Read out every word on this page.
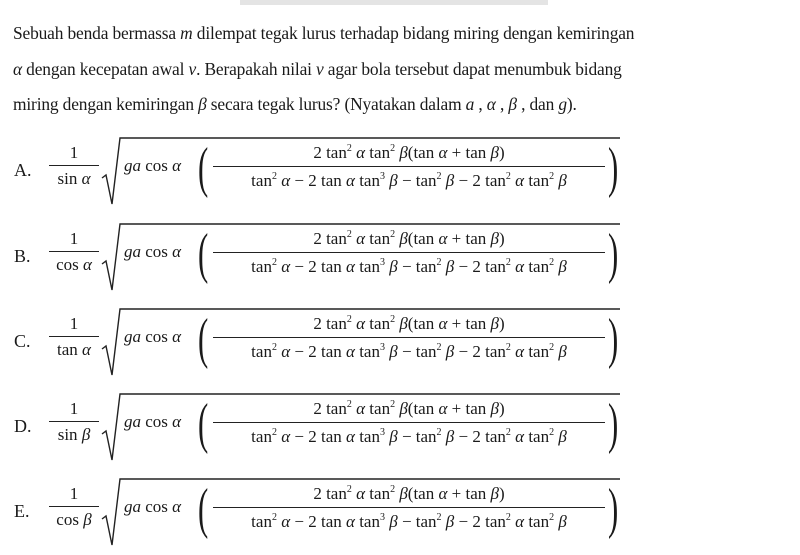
Sebuah benda bermassa m dilempat tegak lurus terhadap bidang miring dengan kemiringan
α dengan kecepatan awal v. Berapakah nilai v agar bola tersebut dapat menumbuk bidang
miring dengan kemiringan β secara tegak lurus? (Nyatakan dalam a , α , β , dan g).
A.
1
sin α
ga cos α (	2 $\tan^2 \alpha$ $\tan^2 \beta(\tan$ α + tan β)
$\tan^2 \alpha - 2$ tan α $\tan^3 \beta - \tan^2 \beta - 2$ $\tan^2 \alpha$ $\tan^2 \beta$ )
B.
1
cos α
ga cos α (	2 $\tan^2 \alpha$ $\tan^2 \beta(\tan$ α + tan β)
$\tan^2 \alpha - 2$ tan α $\tan^3 \beta - \tan^2 \beta - 2$ $\tan^2 \alpha$ $\tan^2 \beta$ )
C.
1
tan α
ga cos α (	2 $\tan^2 \alpha$ $\tan^2 \beta(\tan$ α + tan β)
$\tan^2 \alpha - 2$ tan α $\tan^3 \beta - \tan^2 \beta - 2$ $\tan^2 \alpha$ $\tan^2 \beta$ )
D.
1
sin β
ga cos α (	2 $\tan^2 \alpha$ $\tan^2 \beta(\tan$ α + tan β)
$\tan^2 \alpha - 2$ tan α $\tan^3 \beta - \tan^2 \beta - 2$ $\tan^2 \alpha$ $\tan^2 \beta$ )
E.
1
cos β
ga cos α (	2 $\tan^2 \alpha$ $\tan^2 \beta(\tan$ α + tan β)
$\tan^2 \alpha - 2$ tan α $\tan^3 \beta - \tan^2 \beta - 2$ $\tan^2 \alpha$ $\tan^2 \beta$ )
